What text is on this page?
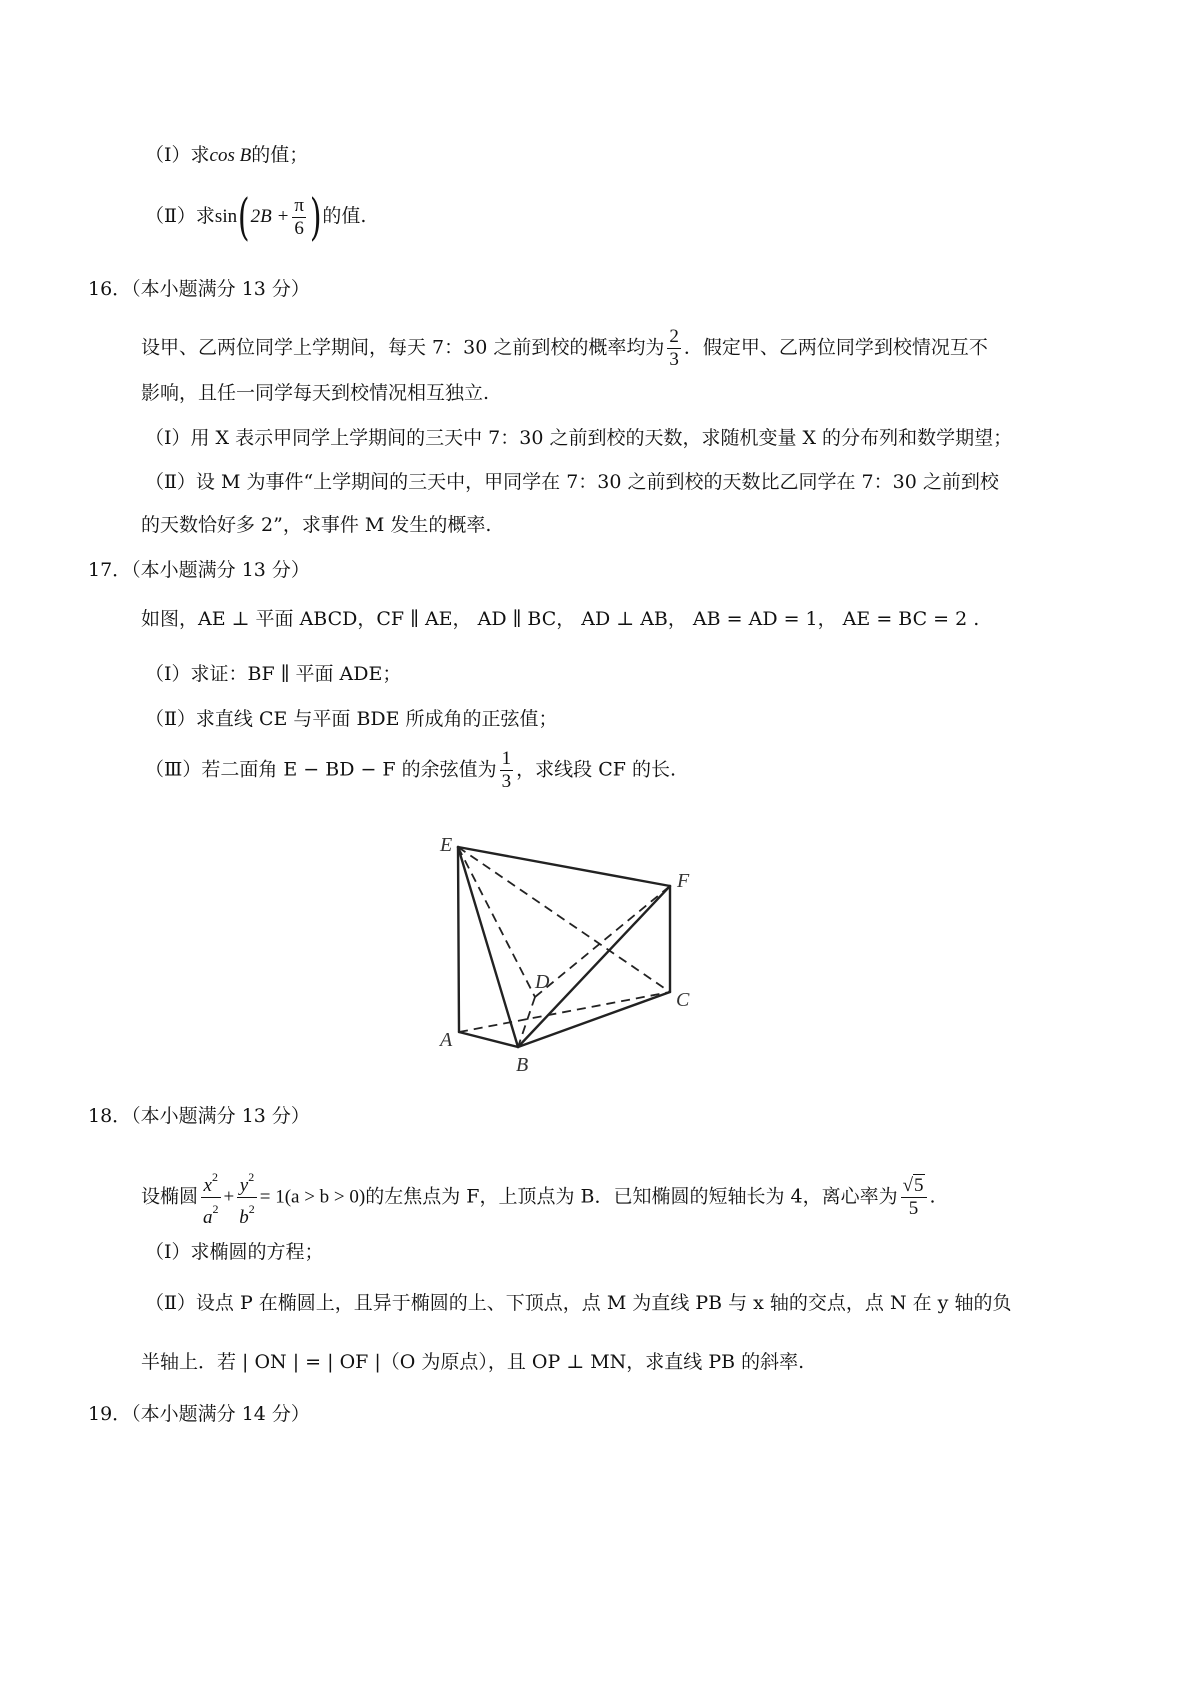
（Ⅰ）求cos B的值；
（Ⅱ）求$\sin(2B + \frac{\pi}{6}$ )的值.
16．（本小题满分 13 分）
设甲、乙两位同学上学期间，每天 7：30 之前到校的概率均为 $\frac{2}{3}$ ．假定甲、乙两位同学到校情况互不
影响，且任一同学每天到校情况相互独立.
（Ⅰ）用 X 表示甲同学上学期间的三天中 7：30 之前到校的天数，求随机变量 X 的分布列和数学期望；
（Ⅱ）设 M 为事件“上学期间的三天中，甲同学在 7：30 之前到校的天数比乙同学在 7：30 之前到校
的天数恰好多 2”，求事件 M 发生的概率.
17．（本小题满分 13 分）
如图，AE ⊥ 平面 ABCD，CF ∥ AE， AD ∥ BC， AD ⊥ AB， AB = AD = 1， AE = BC = 2 .
（Ⅰ）求证：BF ∥ 平面 ADE；
（Ⅱ）求直线 CE 与平面 BDE 所成角的正弦值；
（Ⅲ）若二面角 E − BD − F 的余弦值为 $\frac{1}{3}$ ，求线段 CF 的长.
E
F
D
C
A
B
18．（本小题满分 13 分）
设椭圆 $\frac{x^2}{a^2} + \frac{y^2}{b^2} = 1(a > b > 0)$的左焦点为 F，上顶点为 B．已知椭圆的短轴长为 4，离心率为 $\frac{√5}{5}$ .
（Ⅰ）求椭圆的方程；
（Ⅱ）设点 P 在椭圆上，且异于椭圆的上、下顶点，点 M 为直线 PB 与 x 轴的交点，点 N 在 y 轴的负
半轴上．若 | ON | = | OF |（O 为原点），且 OP ⊥ MN，求直线 PB 的斜率.
19．（本小题满分 14 分）
